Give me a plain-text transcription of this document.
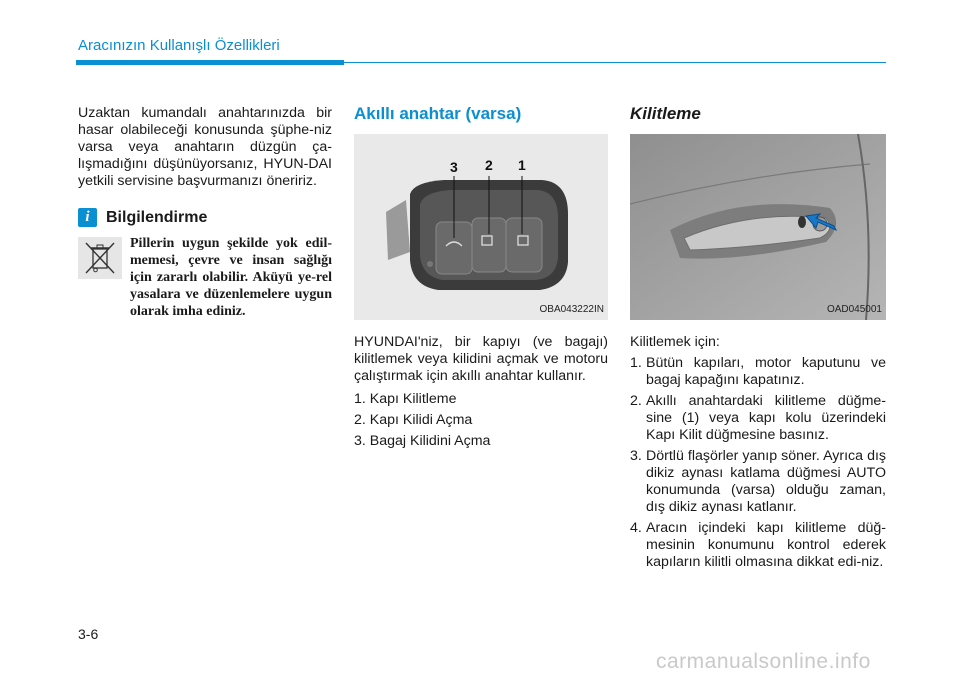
Aracınızın Kullanışlı Özellikleri

Uzaktan kumandalı anahtarınızda bir hasar olabileceği konusunda şüphe-niz varsa veya anahtarın düzgün ça-lışmadığını düşünüyorsanız, HYUN-DAI yetkili servisine başvurmanızı öneririz.

i	Bilgilendirme
Pillerin uygun şekilde yok edil-memesi, çevre ve insan sağlığı için zararlı olabilir. Aküyü ye-rel yasalara ve düzenlemelere uygun olarak imha ediniz.
Akıllı anahtar (varsa)
3 2 1
OBA043222IN

HYUNDAI'niz, bir kapıyı (ve bagajı) kilitlemek veya kilidini açmak ve motoru çalıştırmak için akıllı anahtar kullanır.

1. Kapı Kilitleme
2. Kapı Kilidi Açma
3. Bagaj Kilidini Açma
Kilitleme
OAD045001

Kilitlemek için:

1. Bütün kapıları, motor kaputunu ve bagaj kapağını kapatınız.
2. Akıllı anahtardaki kilitleme düğme-sine (1) veya kapı kolu üzerindeki Kapı Kilit düğmesine basınız.
3. Dörtlü flaşörler yanıp söner. Ayrıca dış dikiz aynası katlama düğmesi AUTO konumunda (varsa) olduğu zaman, dış dikiz aynası katlanır.
4. Aracın içindeki kapı kilitleme düğ-mesinin konumunu kontrol ederek kapıların kilitli olmasına dikkat edi-niz.
3-6
carmanualsonline.info
